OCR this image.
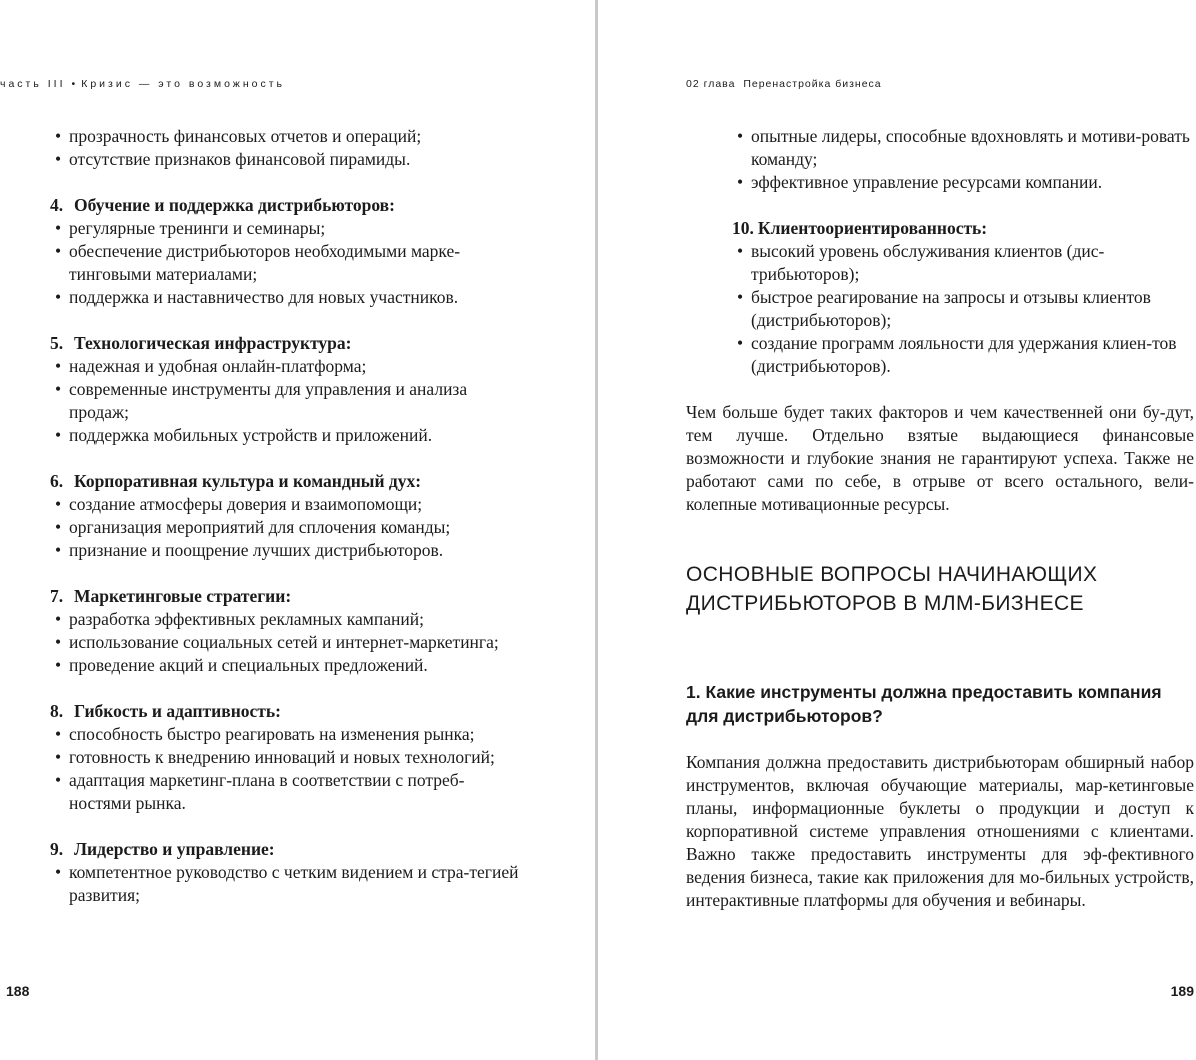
часть III • Кризис — это возможность
• прозрачность финансовых отчетов и операций;
• отсутствие признаков финансовой пирамиды.
4. Обучение и поддержка дистрибьюторов:
• регулярные тренинги и семинары;
• обеспечение дистрибьюторов необходимыми марке-тинговыми материалами;
• поддержка и наставничество для новых участников.
5. Технологическая инфраструктура:
• надежная и удобная онлайн-платформа;
• современные инструменты для управления и анализа продаж;
• поддержка мобильных устройств и приложений.
6. Корпоративная культура и командный дух:
• создание атмосферы доверия и взаимопомощи;
• организация мероприятий для сплочения команды;
• признание и поощрение лучших дистрибьюторов.
7. Маркетинговые стратегии:
• разработка эффективных рекламных кампаний;
• использование социальных сетей и интернет-маркетинга;
• проведение акций и специальных предложений.
8. Гибкость и адаптивность:
• способность быстро реагировать на изменения рынка;
• готовность к внедрению инноваций и новых технологий;
• адаптация маркетинг-плана в соответствии с потреб-ностями рынка.
9. Лидерство и управление:
• компетентное руководство с четким видением и стра-тегией развития;
188
02 глава Перенастройка бизнеса
• опытные лидеры, способные вдохновлять и мотиви-ровать команду;
• эффективное управление ресурсами компании.
10. Клиентоориентированность:
• высокий уровень обслуживания клиентов (дис-трибьюторов);
• быстрое реагирование на запросы и отзывы клиентов (дистрибьюторов);
• создание программ лояльности для удержания клиен-тов (дистрибьюторов).

Чем больше будет таких факторов и чем качественней они бу-дут, тем лучше. Отдельно взятые выдающиеся финансовые возможности и глубокие знания не гарантируют успеха. Также не работают сами по себе, в отрыве от всего остального, вели-колепные мотивационные ресурсы.

ОСНОВНЫЕ ВОПРОСЫ НАЧИНАЮЩИХ
ДИСТРИБЬЮТОРОВ В МЛМ-БИЗНЕСЕ
1. Какие инструменты должна предоставить компания для дистрибьюторов?

Компания должна предоставить дистрибьюторам обширный набор инструментов, включая обучающие материалы, мар-кетинговые планы, информационные буклеты о продукции и доступ к корпоративной системе управления отношениями с клиентами. Важно также предоставить инструменты для эф-фективного ведения бизнеса, такие как приложения для мо-бильных устройств, интерактивные платформы для обучения и вебинары.

189
